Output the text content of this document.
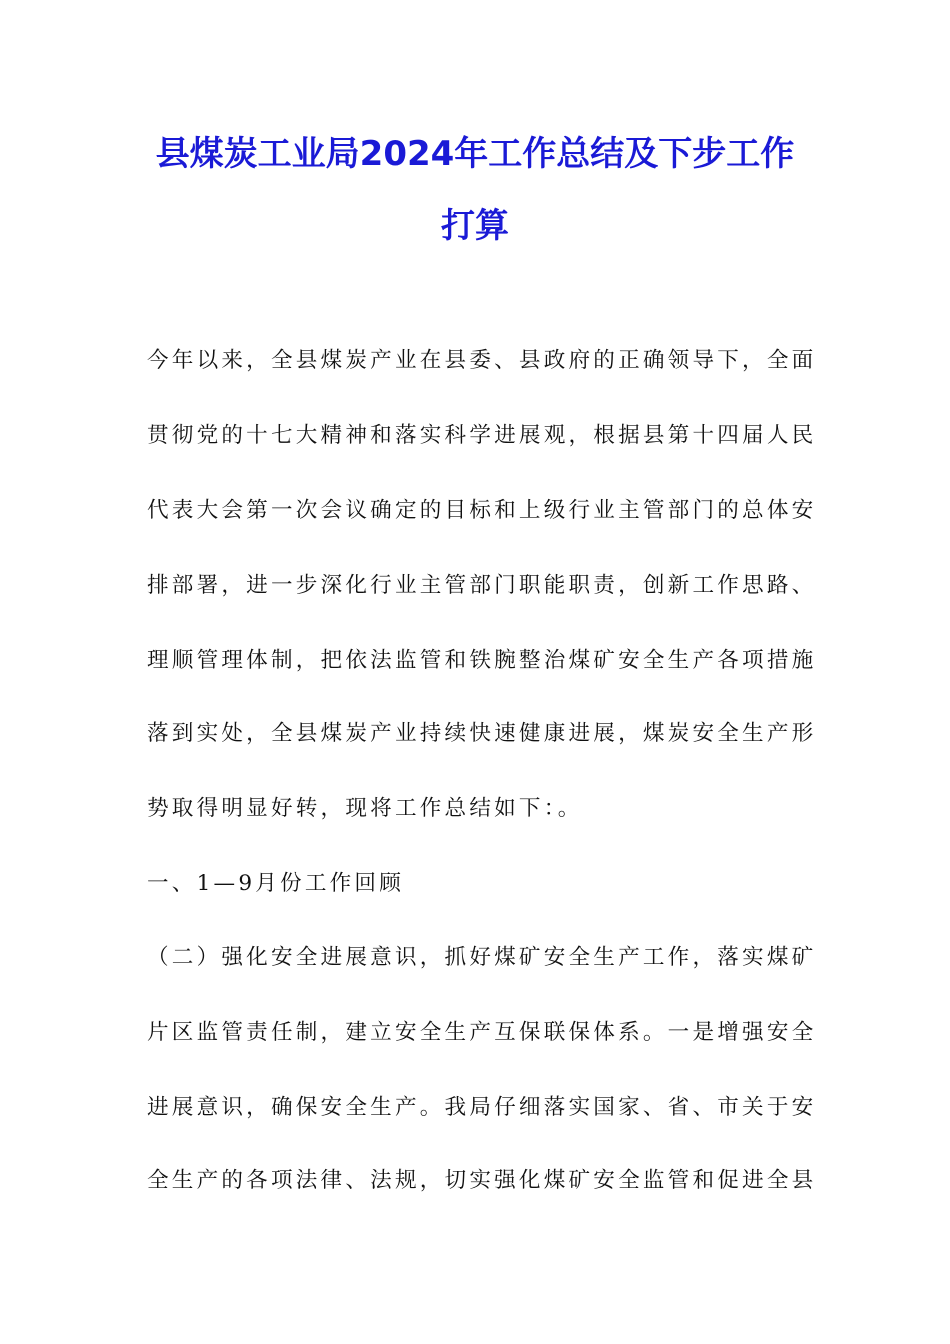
县煤炭工业局2024年工作总结及下步工作
打算
今年以来，全县煤炭产业在县委、县政府的正确领导下，全面
贯彻党的十七大精神和落实科学进展观，根据县第十四届人民
代表大会第一次会议确定的目标和上级行业主管部门的总体安
排部署，进一步深化行业主管部门职能职责，创新工作思路、
理顺管理体制，把依法监管和铁腕整治煤矿安全生产各项措施
落到实处，全县煤炭产业持续快速健康进展，煤炭安全生产形
势取得明显好转，现将工作总结如下：。
一、1—9月份工作回顾
（二）强化安全进展意识，抓好煤矿安全生产工作，落实煤矿
片区监管责任制，建立安全生产互保联保体系。一是增强安全
进展意识，确保安全生产。我局仔细落实国家、省、市关于安
全生产的各项法律、法规，切实强化煤矿安全监管和促进全县
